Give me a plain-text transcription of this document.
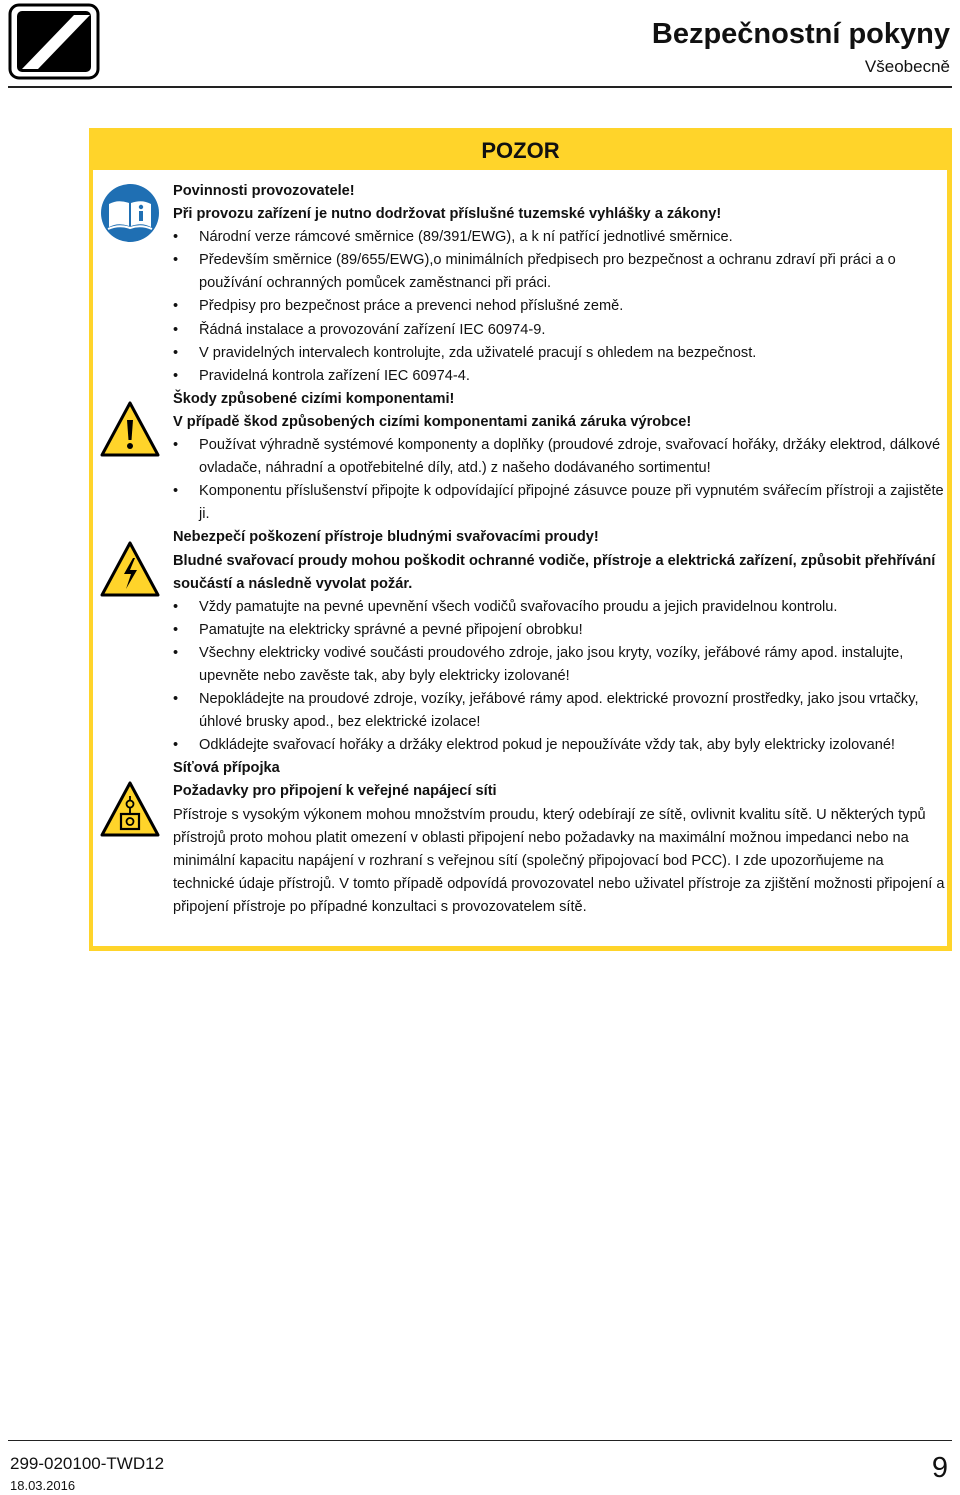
Bezpečnostní pokyny
Všeobecně
POZOR

Povinnosti provozovatele!

Při provozu zařízení je nutno dodržovat příslušné tuzemské vyhlášky a zákony!

• Národní verze rámcové směrnice (89/391/EWG), a k ní patřící jednotlivé směrnice.
• Především směrnice (89/655/EWG),o minimálních předpisech pro bezpečnost a ochranu zdraví při práci a o používání ochranných pomůcek zaměstnanci při práci.
• Předpisy pro bezpečnost práce a prevenci nehod příslušné země.
• Řádná instalace a provozování zařízení IEC 60974-9.
• V pravidelných intervalech kontrolujte, zda uživatelé pracují s ohledem na bezpečnost.
• Pravidelná kontrola zařízení IEC 60974-4.

Škody způsobené cizími komponentami!

V případě škod způsobených cizími komponentami zaniká záruka výrobce!

• Používat výhradně systémové komponenty a doplňky (proudové zdroje, svařovací hořáky, držáky elektrod, dálkové ovladače, náhradní a opotřebitelné díly, atd.) z našeho dodávaného sortimentu!
• Komponentu příslušenství připojte k odpovídající připojné zásuvce pouze při vypnutém svářecím přístroji a zajistěte ji.

Nebezpečí poškození přístroje bludnými svařovacími proudy!

Bludné svařovací proudy mohou poškodit ochranné vodiče, přístroje a elektrická zařízení, způsobit přehřívání součástí a následně vyvolat požár.

• Vždy pamatujte na pevné upevnění všech vodičů svařovacího proudu a jejich pravidelnou kontrolu.
• Pamatujte na elektricky správné a pevné připojení obrobku!
• Všechny elektricky vodivé součásti proudového zdroje, jako jsou kryty, vozíky, jeřábové rámy apod. instalujte, upevněte nebo zavěste tak, aby byly elektricky izolované!
• Nepokládejte na proudové zdroje, vozíky, jeřábové rámy apod. elektrické provozní prostředky, jako jsou vrtačky, úhlové brusky apod., bez elektrické izolace!
• Odkládejte svařovací hořáky a držáky elektrod pokud je nepoužíváte vždy tak, aby byly elektricky izolované!

Síťová přípojka

Požadavky pro připojení k veřejné napájecí síti

Přístroje s vysokým výkonem mohou množstvím proudu, který odebírají ze sítě, ovlivnit kvalitu sítě. U některých typů přístrojů proto mohou platit omezení v oblasti připojení nebo požadavky na maximální možnou impedanci nebo na minimální kapacitu napájení v rozhraní s veřejnou sítí (společný připojovací bod PCC). I zde upozorňujeme na technické údaje přístrojů. V tomto případě odpovídá provozovatel nebo uživatel přístroje za zjištění možnosti připojení a připojení přístroje po případné konzultaci s provozovatelem sítě.

299-020100-TWD12
18.03.2016
9
